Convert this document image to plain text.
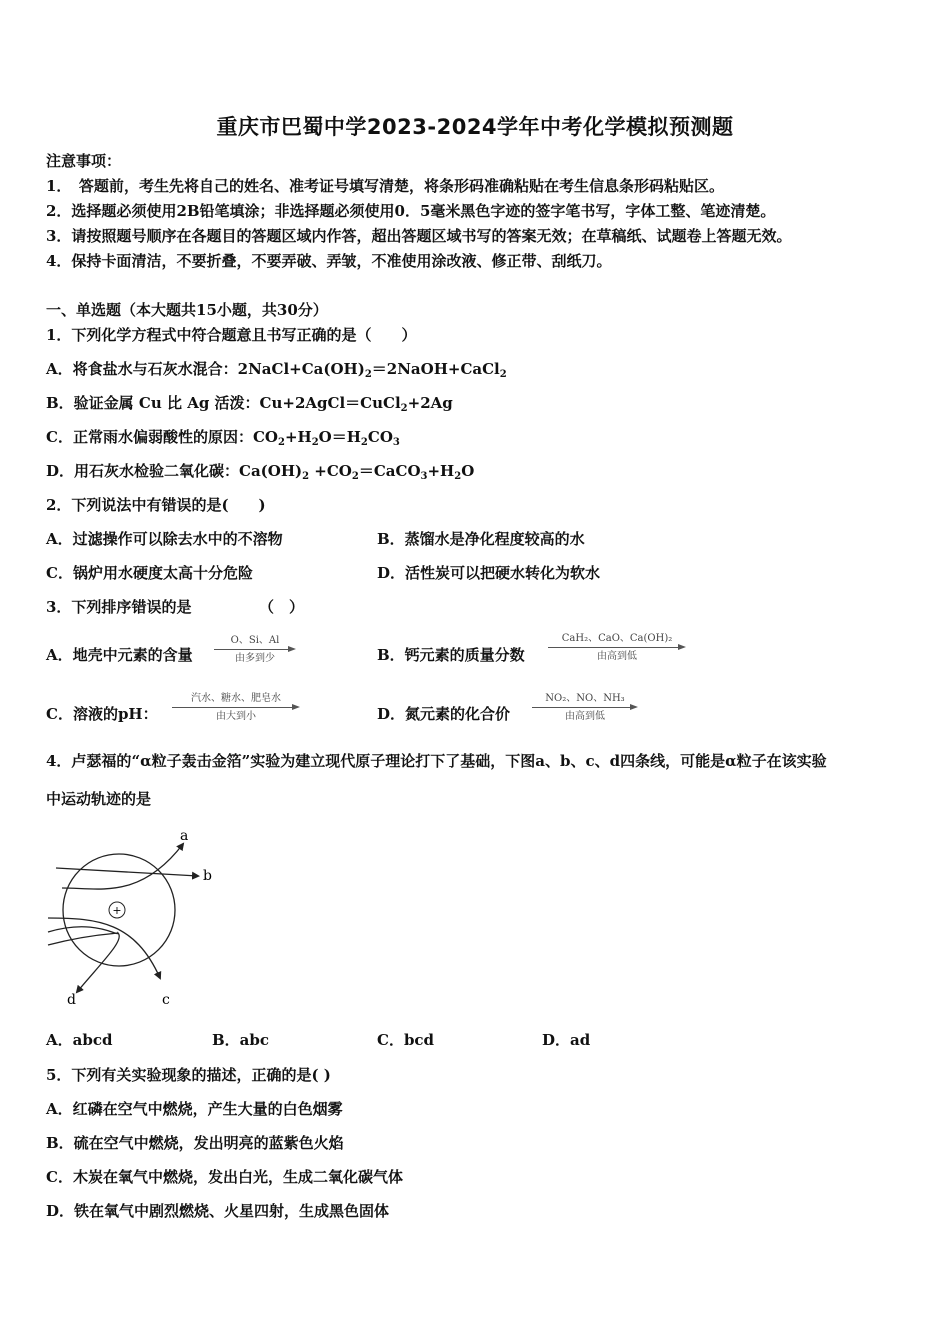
重庆市巴蜀中学2023-2024学年中考化学模拟预测题
注意事项：
1．　答题前，考生先将自己的姓名、准考证号填写清楚，将条形码准确粘贴在考生信息条形码粘贴区。
2．选择题必须使用2B铅笔填涂；非选择题必须使用0．5毫米黑色字迹的签字笔书写，字体工整、笔迹清楚。
3．请按照题号顺序在各题目的答题区域内作答，超出答题区域书写的答案无效；在草稿纸、试题卷上答题无效。
4．保持卡面清洁，不要折叠，不要弄破、弄皱，不准使用涂改液、修正带、刮纸刀。
一、单选题（本大题共15小题，共30分）
1．下列化学方程式中符合题意且书写正确的是（　　）
A．将食盐水与石灰水混合：$2NaCl+Ca(OH)_2=2NaOH+CaCl_2$
B．验证金属 Cu 比 Ag 活泼：Cu+2AgCl＝CuCl$_2$+2Ag
C．正常雨水偏弱酸性的原因：$CO_2+H_2O=H_2CO_3$
D．用石灰水检验二氧化碳：$Ca(OH)_2$ $+CO_2=CaCO_3+H_2O$
2．下列说法中有错误的是(　　)
A．过滤操作可以除去水中的不溶物	B．蒸馏水是净化程度较高的水
C．锅炉用水硬度太高十分危险	D．活性炭可以把硬水转化为软水
3．下列排序错误的是　　　　　（　）
A．地壳中元素的含量
O、Si、Al
由多到少	B．钙元素的质量分数
CaH₂、CaO、Ca(OH)₂
由高到低
C．溶液的pH：
汽水、糖水、肥皂水
由大到小	D．氮元素的化合价
NO₂、NO、NH₃
由高到低
4．卢瑟福的“α粒子轰击金箔”实验为建立现代原子理论打下了基础，下图a、b、c、d四条线，可能是α粒子在该实验
中运动轨迹的是
+
a
b
c
d
A．abcd	B．abc	C．bcd	D．ad
5．下列有关实验现象的描述，正确的是( )
A．红磷在空气中燃烧，产生大量的白色烟雾
B．硫在空气中燃烧，发出明亮的蓝紫色火焰
C．木炭在氧气中燃烧，发出白光，生成二氧化碳气体
D．铁在氧气中剧烈燃烧、火星四射，生成黑色固体
